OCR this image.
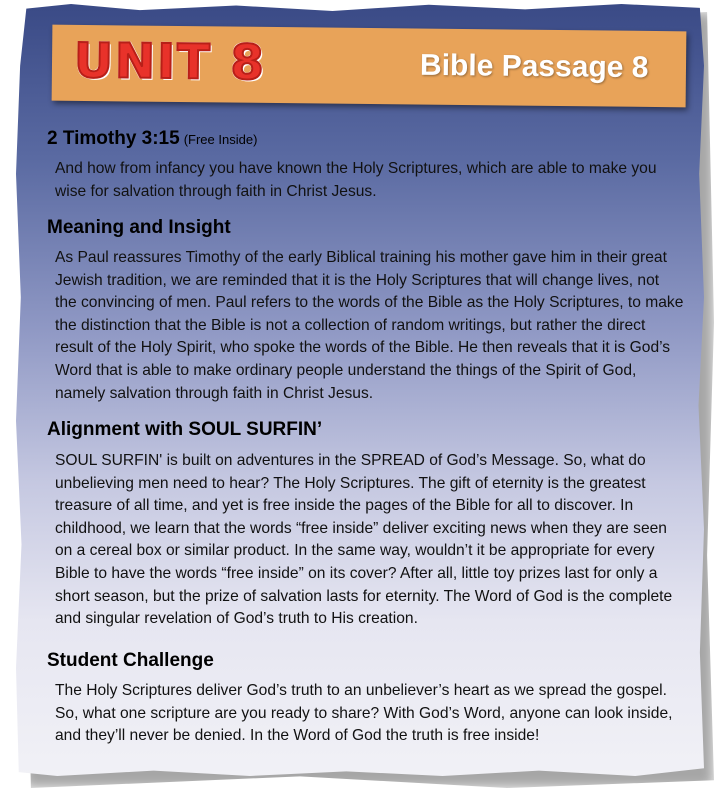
UNIT 8	Bible Passage 8
2 Timothy 3:15 (Free Inside)
And how from infancy you have known the Holy Scriptures, which are able to make you wise for salvation through faith in Christ Jesus.
Meaning and Insight
As Paul reassures Timothy of the early Biblical training his mother gave him in their great Jewish tradition, we are reminded that it is the Holy Scriptures that will change lives, not the convincing of men. Paul refers to the words of the Bible as the Holy Scriptures, to make the distinction that the Bible is not a collection of random writings, but rather the direct result of the Holy Spirit, who spoke the words of the Bible. He then reveals that it is God’s Word that is able to make ordinary people understand the things of the Spirit of God, namely salvation through faith in Christ Jesus.
Alignment with SOUL SURFIN’
SOUL SURFIN' is built on adventures in the SPREAD of God’s Message. So, what do unbelieving men need to hear? The Holy Scriptures. The gift of eternity is the greatest treasure of all time, and yet is free inside the pages of the Bible for all to discover. In childhood, we learn that the words “free inside” deliver exciting news when they are seen on a cereal box or similar product. In the same way, wouldn’t it be appropriate for every Bible to have the words “free inside” on its cover? After all, little toy prizes last for only a short season, but the prize of salvation lasts for eternity. The Word of God is the complete and singular revelation of God’s truth to His creation.
Student Challenge
The Holy Scriptures deliver God’s truth to an unbeliever’s heart as we spread the gospel. So, what one scripture are you ready to share? With God’s Word, anyone can look inside, and they’ll never be denied. In the Word of God the truth is free inside!
